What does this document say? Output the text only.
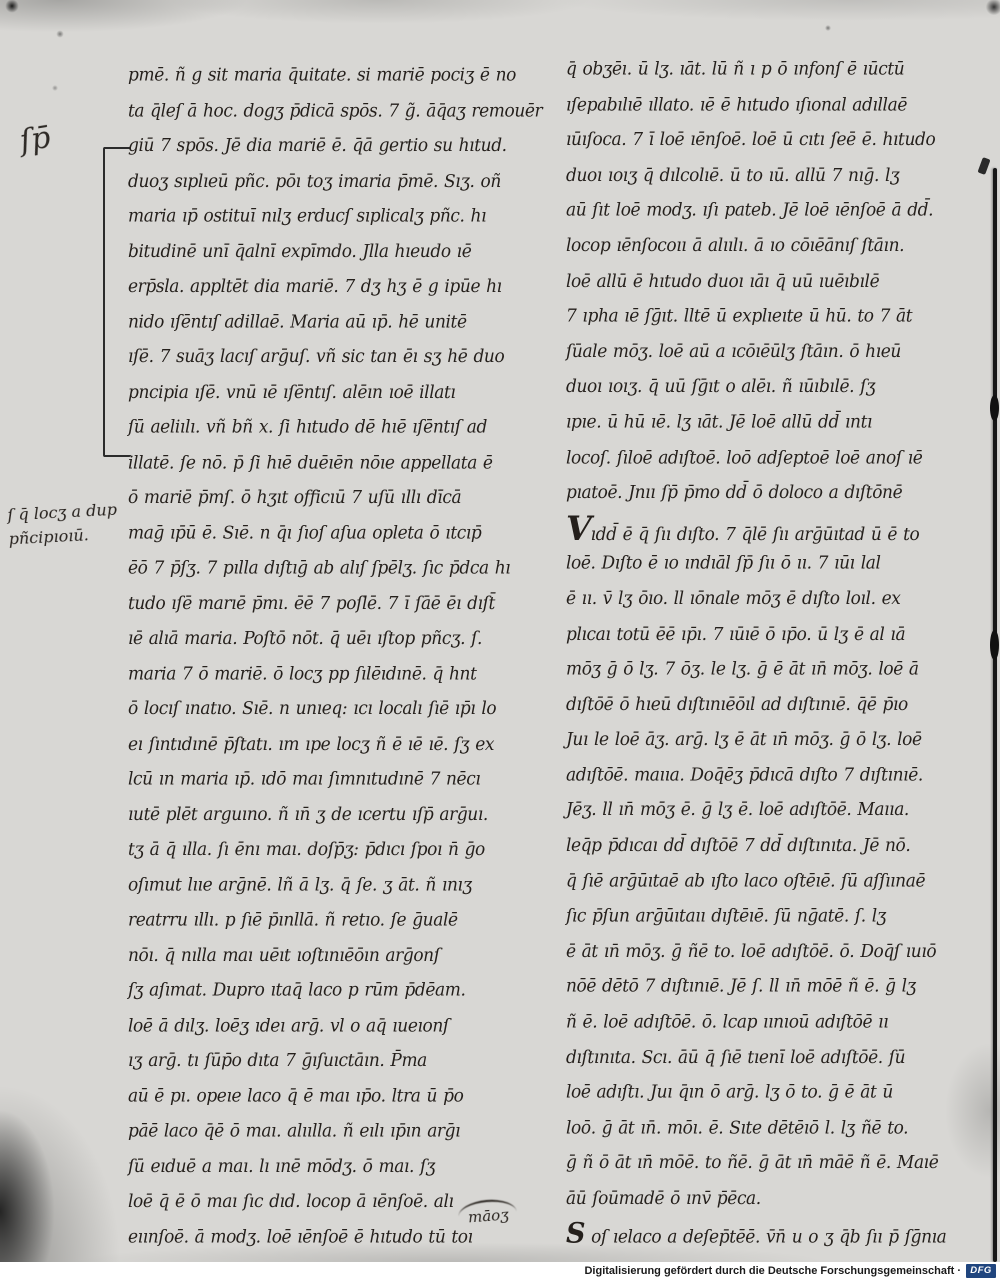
ſp̄
ſ q̄ locʒ a dup
pñcipıoıū.
pmē. ñ g sit maria q̄uitate. si mariē pociʒ ē no
ta q̄leſ ā hoc. dogʒ p̄dicā spōs. 7 g̃. āq̄aʒ remouēr
giū 7 spōs. Jē dia mariē ē. q̄ā gertio su hıtud.
duoʒ sıplıeū pñc. pōı toʒ imaria p̄mē. Sıʒ. oñ
maria ıp̄ ostituī nılʒ erducſ sıplicalʒ pñc. hı
bitudinē unī q̄alnī expīmdo. Jlla hıeudo ıē
erp̄sla. appltēt dia mariē. 7 dʒ hʒ ē g ipūe hı
nido ıſēntıſ adillaē. Maria aū ıp̄. hē unitē
ıſē. 7 suāʒ lacıſ arḡuſ. vñ sic tan ēı sʒ hē duo
pncipia ıſē. vnū ıē ıſēntıſ. alēın ıoē illatı
ſū aeliılı. vñ bñ x. ſi hıtudo dē hıē ıſēntıſ ad
illatē. ſe nō. p̄ ſi hıē duēıēn nōıe appellata ē
ō mariē p̄mſ. ō hʒıt officıū 7 uſū ıllı dīcā
maḡ ıp̄ū ē. Sıē. n q̄ı ſıoſ aſua opleta ō ıtcıp̄
ēō 7 p̄ſʒ. 7 pılla dıſtıḡ ab alıſ ſpēlʒ. ſıc p̄dca hı
tudo ıſē marıē p̄mı. ēē 7 poſlē. 7 ī ſāē ēı dıſt̄
ıē alıā maria. Poſtō nōt. q̄ uēı ıſtop pñcʒ. ſ.
maria 7 ō mariē. ō locʒ pp ſılēıdınē. q̄ hnt
ō locıſ ınatıo. Sıē. n unıeq: ıcı localı ſıē ıp̄ı lo
eı ſıntıdınē p̄ſtatı. ım ıpe locʒ ñ ē ıē ıē. ſʒ ex
lcū ın maria ıp̄. ıdō maı ſımnıtudınē 7 nēcı
ıutē plēt arguıno. ñ ın̄ ʒ de ıcertu ıſp̄ arḡuı.
tʒ ā q̄ ılla. ſı ēnı maı. doſp̄ʒ: p̄dıcı ſpoı n̄ ḡo
oſımut lııe arḡnē. lñ ā lʒ. q̄ ſe. ʒ āt. ñ ınıʒ
reatrru ıllı. p ſıē p̄ınllā. ñ retıo. ſe ḡualē
nōı. q̄ nılla maı uēıt ıoſtınıēōın arḡonſ
ſʒ aſımat. Dupro ıtaq̄ laco p rūm p̄dēam.
loē ā dılʒ. loēʒ ıdeı arḡ. vl o aq̄ ıueıonſ
ıʒ arḡ. tı ſūp̄o dıta 7 ḡıſuıctāın. P̄ma
aū ē pı. opeıe laco q̄ ē maı ıp̄o. ltra ū p̄o
pāē laco q̄ē ō maı. alıılla. ñ eılı ıp̄ın arḡı
ſū eıduē a maı. lı ınē mōdʒ. ō maı. ſʒ
loē q̄ ē ō maı ſıc dıd. locop ā ıēnſoē. alı
eıınſoē. ā modʒ. loē ıēnſoē ē hıtudo tū toı
q̄ obʒēı. ū lʒ. ıāt. lū ñ ı p ō ınfonſ ē ıūctū
ıſepabılıē ıllato. ıē ē hıtudo ıſıonal adıllaē
ıūıſoca. 7 ī loē ıēnſoē. loē ū cıtı ſeē ē. hıtudo
duoı ıoıʒ q̄ dılcolıē. ū to ıū. allū 7 nıḡ. lʒ
aū ſıt loē modʒ. ıſı pateb. Jē loē ıēnſoē ā dd̄.
locop ıēnſocoıı ā alıılı. ā ıo cōıēānıſ ſtāın.
loē allū ē hıtudo duoı ıāı q̄ uū ıuēıbılē
7 ıpha ıē ſḡıt. lltē ū explıeıte ū hū. to 7 āt
ſūale mōʒ. loē aū a ıcōıēūlʒ ſtāın. ō hıeū
duoı ıoıʒ. q̄ uū ſḡıt o alēı. ñ ıūıbılē. ſʒ
ıpıe. ū hū ıē. lʒ ıāt. Jē loē allū dd̄ ıntı
locoſ. ſıloē adıſtoē. loō adſeptoē loē anoſ ıē
pıatoē. Jnıı ſp̄ p̄mo dd̄ ō doloco a dıſtōnē
Vıdd̄ ē q̄ ſıı dıſto. 7 q̄lē ſıı arḡūıtad ū ē to
loē. Dıſto ē ıo ındıāl ſp̄ ſıı ō ıı. 7 ıūı lal
ē ıı. v̄ lʒ ōıo. ll ıōnale mōʒ ē dıſto loıl. ex
plıcaı totū ēē ıp̄ı. 7 ıūıē ō ıp̄o. ū lʒ ē al ıā
mōʒ ḡ ō lʒ. 7 ōʒ. le lʒ. ḡ ē āt ın̄ mōʒ. loē ā
dıſtōē ō hıeū dıſtınıēōıl ad dıſtınıē. q̄ē p̄ıo
Juı le loē āʒ. arḡ. lʒ ē āt ın̄ mōʒ. ḡ ō lʒ. loē
adıſtōē. maııa. Doq̄ēʒ p̄dıcā dıſto 7 dıſtınıē.
Jēʒ. ll ın̄ mōʒ ē. ḡ lʒ ē. loē adıſtōē. Maııa.
leq̄p p̄dıcaı dd̄ dıſtōē 7 dd̄ dıſtınıta. Jē nō.
q̄ ſıē arḡūıtaē ab ıſto laco oſtēıē. ſū aſſıınaē
ſıc p̄ſun arḡūıtaıı dıſtēıē. ſū nḡatē. ſ. lʒ
ē āt ın̄ mōʒ. ḡ ñē to. loē adıſtōē. ō. Doq̄ſ ıuıō
nōē dētō 7 dıſtınıē. Jē ſ. ll ın̄ mōē ñ ē. ḡ lʒ
ñ ē. loē adıſtōē. ō. lcap ıınıoū adıſtōē ıı
dıſtınıta. Scı. āū q̄ ſıē tıenī loē adıſtōē. ſū
loē adıſtı. Juı q̄ın ō arḡ. lʒ ō to. ḡ ē āt ū
loō. ḡ āt ın̄. mōı. ē. Sıte dētēıō l. lʒ ñē to.
ḡ ñ ō āt ın̄ mōē. to ñē. ḡ āt ın̄ māē ñ ē. Maıē
āū ſoūmadē ō ınv̄ p̄ēca.
S oſ ıelaco a deſep̄tēē. v̄n̄ u o ʒ q̄b ſıı p̄ ſḡnıa
māoʒ
Digitalisierung gefördert durch die Deutsche Forschungsgemeinschaft · DFG
